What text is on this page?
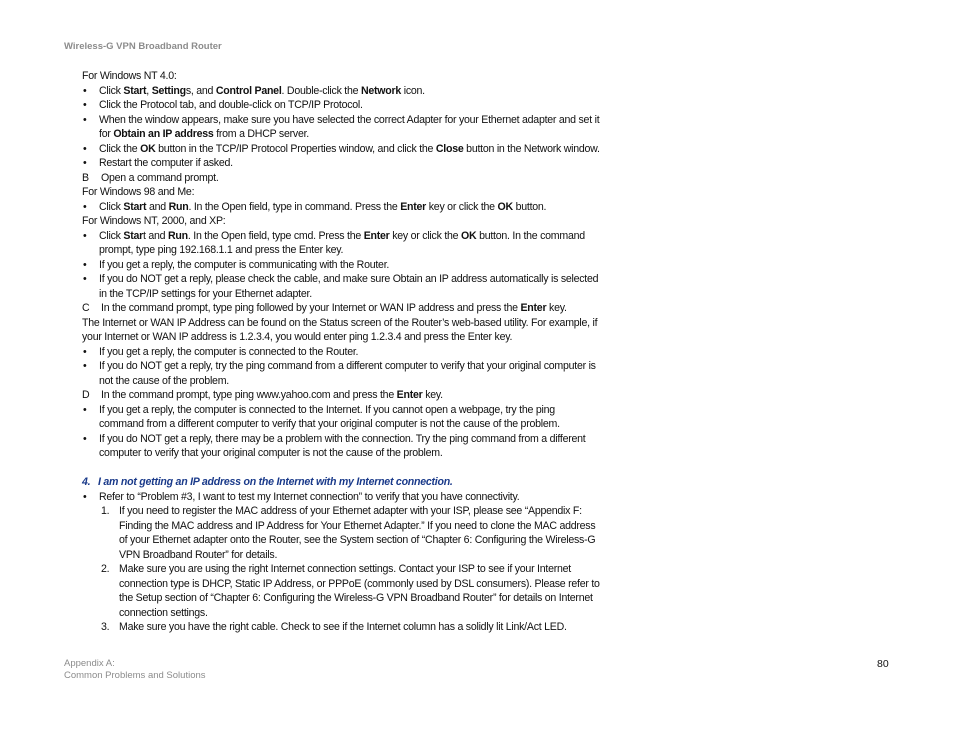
Wireless-G VPN Broadband Router

For Windows NT 4.0:

• Click Start, Settings, and Control Panel. Double-click the Network icon.
• Click the Protocol tab, and double-click on TCP/IP Protocol.
• When the window appears, make sure you have selected the correct Adapter for your Ethernet adapter and set it for Obtain an IP address from a DHCP server.
• Click the OK button in the TCP/IP Protocol Properties window, and click the Close button in the Network window.
• Restart the computer if asked.
B Open a command prompt.

For Windows 98 and Me:

• Click Start and Run. In the Open field, type in command. Press the Enter key or click the OK button.

For Windows NT, 2000, and XP:

• Click Start and Run. In the Open field, type cmd. Press the Enter key or click the OK button. In the command prompt, type ping 192.168.1.1 and press the Enter key.
• If you get a reply, the computer is communicating with the Router.
• If you do NOT get a reply, please check the cable, and make sure Obtain an IP address automatically is selected in the TCP/IP settings for your Ethernet adapter.
C In the command prompt, type ping followed by your Internet or WAN IP address and press the Enter key.

The Internet or WAN IP Address can be found on the Status screen of the Router’s web-based utility. For example, if your Internet or WAN IP address is 1.2.3.4, you would enter ping 1.2.3.4 and press the Enter key.

• If you get a reply, the computer is connected to the Router.
• If you do NOT get a reply, try the ping command from a different computer to verify that your original computer is not the cause of the problem.
D In the command prompt, type ping www.yahoo.com and press the Enter key.
• If you get a reply, the computer is connected to the Internet. If you cannot open a webpage, try the ping command from a different computer to verify that your original computer is not the cause of the problem.
• If you do NOT get a reply, there may be a problem with the connection. Try the ping command from a different computer to verify that your original computer is not the cause of the problem.

4. I am not getting an IP address on the Internet with my Internet connection.

• Refer to “Problem #3, I want to test my Internet connection” to verify that you have connectivity.
1. If you need to register the MAC address of your Ethernet adapter with your ISP, please see “Appendix F: Finding the MAC address and IP Address for Your Ethernet Adapter.” If you need to clone the MAC address of your Ethernet adapter onto the Router, see the System section of “Chapter 6: Configuring the Wireless-G VPN Broadband Router” for details.
2. Make sure you are using the right Internet connection settings. Contact your ISP to see if your Internet connection type is DHCP, Static IP Address, or PPPoE (commonly used by DSL consumers). Please refer to the Setup section of “Chapter 6: Configuring the Wireless-G VPN Broadband Router” for details on Internet connection settings.
3. Make sure you have the right cable. Check to see if the Internet column has a solidly lit Link/Act LED.
Appendix A:
Common Problems and Solutions
80
